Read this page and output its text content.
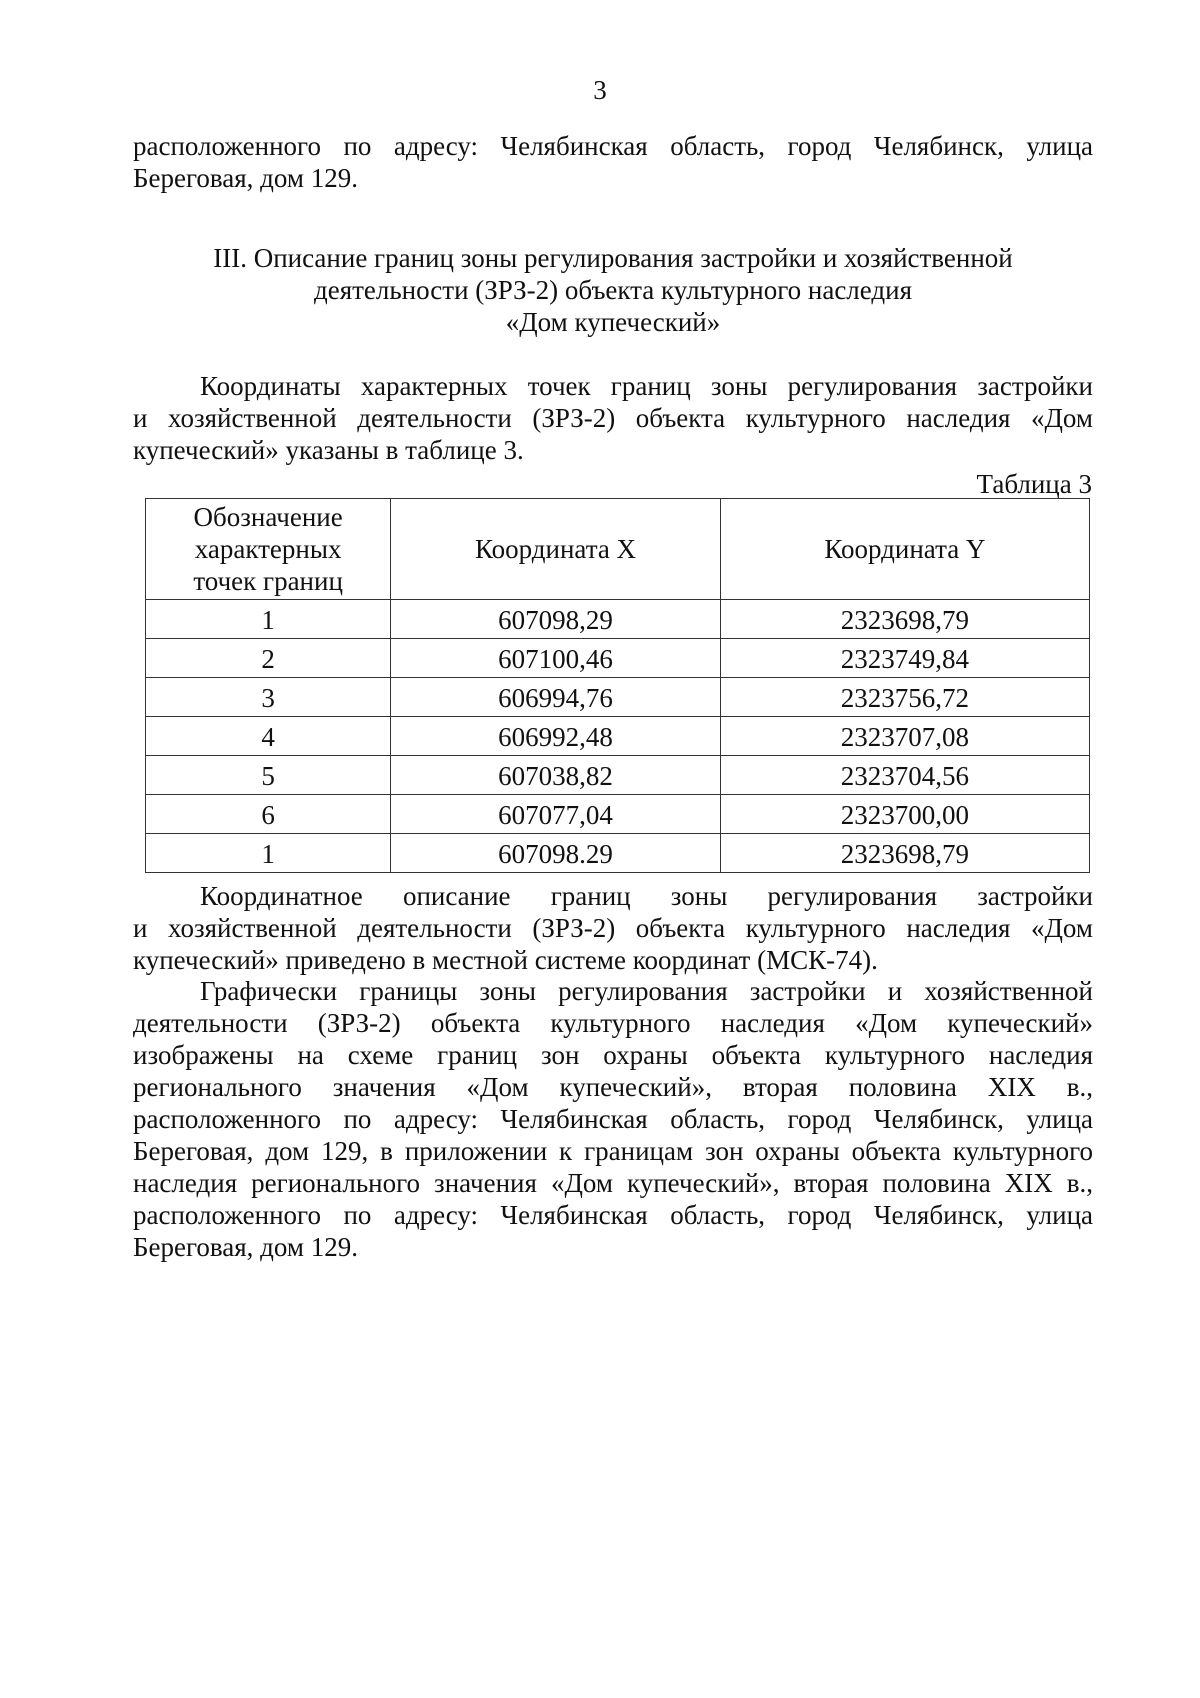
3
расположенного по адресу: Челябинская область, город Челябинск, улица
Береговая, дом 129.
III. Описание границ зоны регулирования застройки и хозяйственной
деятельности (ЗРЗ-2) объекта культурного наследия
«Дом купеческий»
Координаты характерных точек границ зоны регулирования застройки
и хозяйственной деятельности (ЗРЗ-2) объекта культурного наследия «Дом
купеческий» указаны в таблице 3.
Таблица 3
Обозначение
характерных
точек границ	Координата X	Координата Y
1	607098,29	2323698,79
2	607100,46	2323749,84
3	606994,76	2323756,72
4	606992,48	2323707,08
5	607038,82	2323704,56
6	607077,04	2323700,00
1	607098.29	2323698,79
Координатное описание границ зоны регулирования застройки
и хозяйственной деятельности (ЗРЗ-2) объекта культурного наследия «Дом
купеческий» приведено в местной системе координат (МСК-74).
Графически границы зоны регулирования застройки и хозяйственной
деятельности (ЗРЗ-2) объекта культурного наследия «Дом купеческий»
изображены на схеме границ зон охраны объекта культурного наследия
регионального значения «Дом купеческий», вторая половина XIX в.,
расположенного по адресу: Челябинская область, город Челябинск, улица
Береговая, дом 129, в приложении к границам зон охраны объекта культурного
наследия регионального значения «Дом купеческий», вторая половина XIX в.,
расположенного по адресу: Челябинская область, город Челябинск, улица
Береговая, дом 129.
